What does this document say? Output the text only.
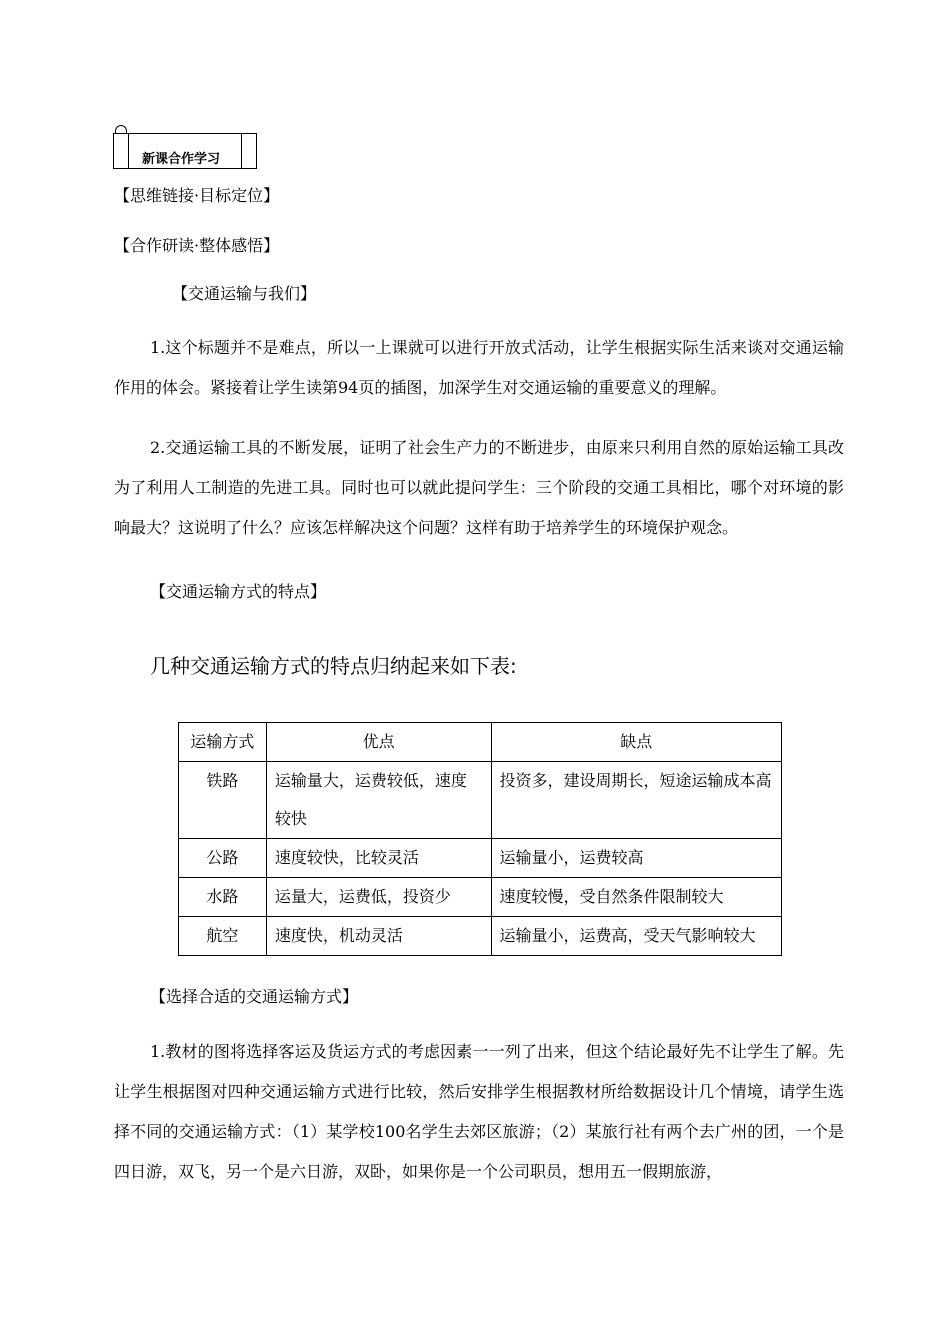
新课合作学习
【思维链接·目标定位】
【合作研读·整体感悟】
【交通运输与我们】
1.这个标题并不是难点，所以一上课就可以进行开放式活动，让学生根据实际生活来谈对交通运输作用的体会。紧接着让学生读第94页的插图，加深学生对交通运输的重要意义的理解。
2.交通运输工具的不断发展，证明了社会生产力的不断进步，由原来只利用自然的原始运输工具改为了利用人工制造的先进工具。同时也可以就此提问学生：三个阶段的交通工具相比，哪个对环境的影响最大？这说明了什么？应该怎样解决这个问题？这样有助于培养学生的环境保护观念。
【交通运输方式的特点】
几种交通运输方式的特点归纳起来如下表:
运输方式	优点	缺点
铁路	运输量大，运费较低，速度较快	投资多，建设周期长，短途运输成本高
公路	速度较快，比较灵活	运输量小，运费较高
水路	运量大，运费低，投资少	速度较慢，受自然条件限制较大
航空	速度快，机动灵活	运输量小，运费高，受天气影响较大
【选择合适的交通运输方式】
1.教材的图将选择客运及货运方式的考虑因素一一列了出来，但这个结论最好先不让学生了解。先让学生根据图对四种交通运输方式进行比较，然后安排学生根据教材所给数据设计几个情境，请学生选择不同的交通运输方式：（1）某学校100名学生去郊区旅游；（2）某旅行社有两个去广州的团，一个是四日游，双飞，另一个是六日游，双卧，如果你是一个公司职员，想用五一假期旅游，
